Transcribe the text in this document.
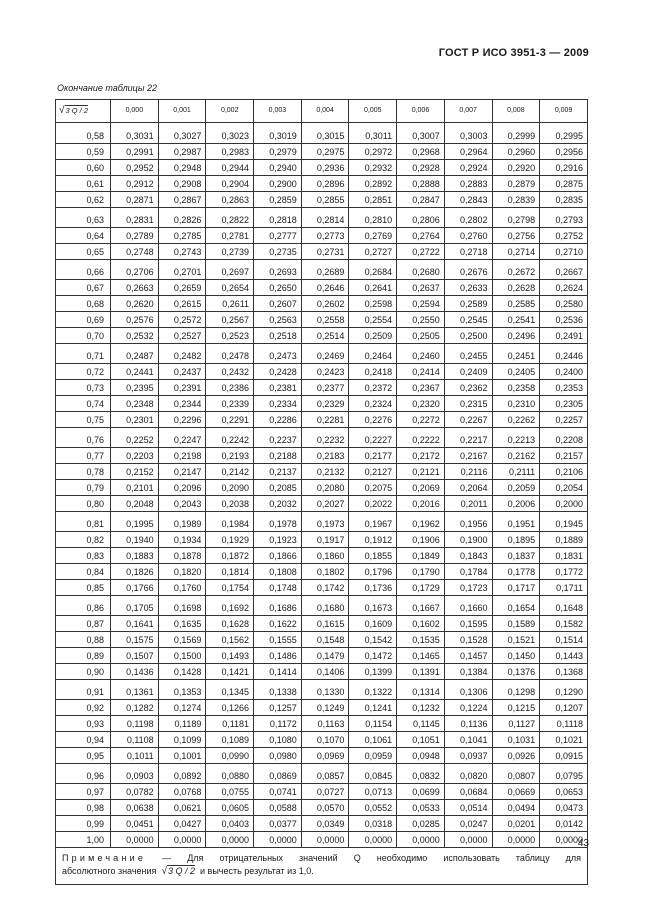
ГОСТ Р ИСО 3951-3 — 2009
Окончание таблицы 22
√3 Q / 2	0,000	0,001	0,002	0,003	0,004	0,005	0,006	0,007	0,008	0,009
0,58	0,3031	0,3027	0,3023	0,3019	0,3015	0,3011	0,3007	0,3003	0,2999	0,2995
0,59	0,2991	0,2987	0,2983	0,2979	0,2975	0,2972	0,2968	0,2964	0,2960	0,2956
0,60	0,2952	0,2948	0,2944	0,2940	0,2936	0,2932	0,2928	0,2924	0,2920	0,2916
0,61	0,2912	0,2908	0,2904	0,2900	0,2896	0,2892	0,2888	0,2883	0,2879	0,2875
0,62	0,2871	0,2867	0,2863	0,2859	0,2855	0,2851	0,2847	0,2843	0,2839	0,2835
0,63	0,2831	0,2826	0,2822	0,2818	0,2814	0,2810	0,2806	0,2802	0,2798	0,2793
0,64	0,2789	0,2785	0,2781	0,2777	0,2773	0,2769	0,2764	0,2760	0,2756	0,2752
0,65	0,2748	0,2743	0,2739	0,2735	0,2731	0,2727	0,2722	0,2718	0,2714	0,2710
0,66	0,2706	0,2701	0,2697	0,2693	0,2689	0,2684	0,2680	0,2676	0,2672	0,2667
0,67	0,2663	0,2659	0,2654	0,2650	0,2646	0,2641	0,2637	0,2633	0,2628	0,2624
0,68	0,2620	0,2615	0,2611	0,2607	0,2602	0,2598	0,2594	0,2589	0,2585	0,2580
0,69	0,2576	0,2572	0,2567	0,2563	0,2558	0,2554	0,2550	0,2545	0,2541	0,2536
0,70	0,2532	0,2527	0,2523	0,2518	0,2514	0,2509	0,2505	0,2500	0,2496	0,2491
0,71	0,2487	0,2482	0,2478	0,2473	0,2469	0,2464	0,2460	0,2455	0,2451	0,2446
0,72	0,2441	0,2437	0,2432	0,2428	0,2423	0,2418	0,2414	0,2409	0,2405	0,2400
0,73	0,2395	0,2391	0,2386	0,2381	0,2377	0,2372	0,2367	0,2362	0,2358	0,2353
0,74	0,2348	0,2344	0,2339	0,2334	0,2329	0,2324	0,2320	0,2315	0,2310	0,2305
0,75	0,2301	0,2296	0,2291	0,2286	0,2281	0,2276	0,2272	0,2267	0,2262	0,2257
0,76	0,2252	0,2247	0,2242	0,2237	0,2232	0,2227	0,2222	0,2217	0,2213	0,2208
0,77	0,2203	0,2198	0,2193	0,2188	0,2183	0,2177	0,2172	0,2167	0,2162	0,2157
0,78	0,2152	0,2147	0,2142	0,2137	0,2132	0,2127	0,2121	0,2116	0,2111	0,2106
0,79	0,2101	0,2096	0,2090	0,2085	0,2080	0,2075	0,2069	0,2064	0,2059	0,2054
0,80	0,2048	0,2043	0,2038	0,2032	0,2027	0,2022	0,2016	0,2011	0,2006	0,2000
0,81	0,1995	0,1989	0,1984	0,1978	0,1973	0,1967	0,1962	0,1956	0,1951	0,1945
0,82	0,1940	0,1934	0,1929	0,1923	0,1917	0,1912	0,1906	0,1900	0,1895	0,1889
0,83	0,1883	0,1878	0,1872	0,1866	0,1860	0,1855	0,1849	0,1843	0,1837	0,1831
0,84	0,1826	0,1820	0,1814	0,1808	0,1802	0,1796	0,1790	0,1784	0,1778	0,1772
0,85	0,1766	0,1760	0,1754	0,1748	0,1742	0,1736	0,1729	0,1723	0,1717	0,1711
0,86	0,1705	0,1698	0,1692	0,1686	0,1680	0,1673	0,1667	0,1660	0,1654	0,1648
0,87	0,1641	0,1635	0,1628	0,1622	0,1615	0,1609	0,1602	0,1595	0,1589	0,1582
0,88	0,1575	0,1569	0,1562	0,1555	0,1548	0,1542	0,1535	0,1528	0,1521	0,1514
0,89	0,1507	0,1500	0,1493	0,1486	0,1479	0,1472	0,1465	0,1457	0,1450	0,1443
0,90	0,1436	0,1428	0,1421	0,1414	0,1406	0,1399	0,1391	0,1384	0,1376	0,1368
0,91	0,1361	0,1353	0,1345	0,1338	0,1330	0,1322	0,1314	0,1306	0,1298	0,1290
0,92	0,1282	0,1274	0,1266	0,1257	0,1249	0,1241	0,1232	0,1224	0,1215	0,1207
0,93	0,1198	0,1189	0,1181	0,1172	0,1163	0,1154	0,1145	0,1136	0,1127	0,1118
0,94	0,1108	0,1099	0,1089	0,1080	0,1070	0,1061	0,1051	0,1041	0,1031	0,1021
0,95	0,1011	0,1001	0,0990	0,0980	0,0969	0,0959	0,0948	0,0937	0,0926	0,0915
0,96	0,0903	0,0892	0,0880	0,0869	0,0857	0,0845	0,0832	0,0820	0,0807	0,0795
0,97	0,0782	0,0768	0,0755	0,0741	0,0727	0,0713	0,0699	0,0684	0,0669	0,0653
0,98	0,0638	0,0621	0,0605	0,0588	0,0570	0,0552	0,0533	0,0514	0,0494	0,0473
0,99	0,0451	0,0427	0,0403	0,0377	0,0349	0,0318	0,0285	0,0247	0,0201	0,0142
1,00	0,0000	0,0000	0,0000	0,0000	0,0000	0,0000	0,0000	0,0000	0,0000	0,0000

Примечание — Для отрицательных значений Q необходимо использовать таблицу для
абсолютного значения √3 Q / 2 и вычесть результат из 1,0.										
43
